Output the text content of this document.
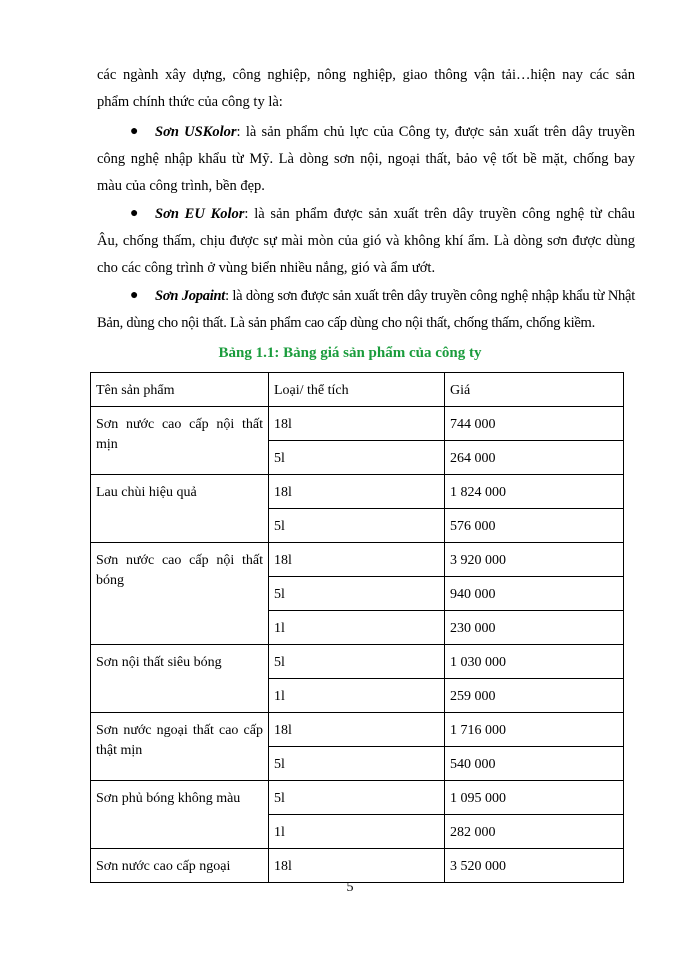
các ngành xây dựng, công nghiệp, nông nghiệp, giao thông vận tải…hiện nay các sản
phẩm chính thức của công ty là:
●	Sơn USKolor: là sản phẩm chủ lực của Công ty, được sản xuất trên dây truyền
công nghệ nhập khẩu từ Mỹ. Là dòng sơn nội, ngoại thất, bảo vệ tốt bề mặt, chống bay
màu của công trình, bền đẹp.
●	Sơn EU Kolor: là sản phẩm được sản xuất trên dây truyền công nghệ từ châu
Âu, chống thấm, chịu được sự mài mòn của gió và không khí ẩm. Là dòng sơn được dùng
cho các công trình ở vùng biển nhiều nắng, gió và ẩm ướt.
●	Sơn Jopaint: là dòng sơn được sản xuất trên dây truyền công nghệ nhập khẩu từ Nhật
Bản, dùng cho nội thất. Là sản phẩm cao cấp dùng cho nội thất, chống thấm, chống kiềm.
Bảng 1.1: Bảng giá sản phẩm của công ty
Tên sản phẩm	Loại/ thể tích	Giá
Sơn nước cao cấp nội thất mịn	18l	744 000
	5l	264 000
Lau chùi hiệu quả	18l	1 824 000
	5l	576 000
Sơn nước cao cấp nội thất bóng	18l	3 920 000
	5l	940 000
	1l	230 000
Sơn nội thất siêu bóng	5l	1 030 000
	1l	259 000
Sơn nước ngoại thất cao cấp thật mịn	18l	1 716 000
	5l	540 000
Sơn phủ bóng không màu	5l	1 095 000
	1l	282 000
Sơn nước cao cấp ngoại	18l	3 520 000
5
